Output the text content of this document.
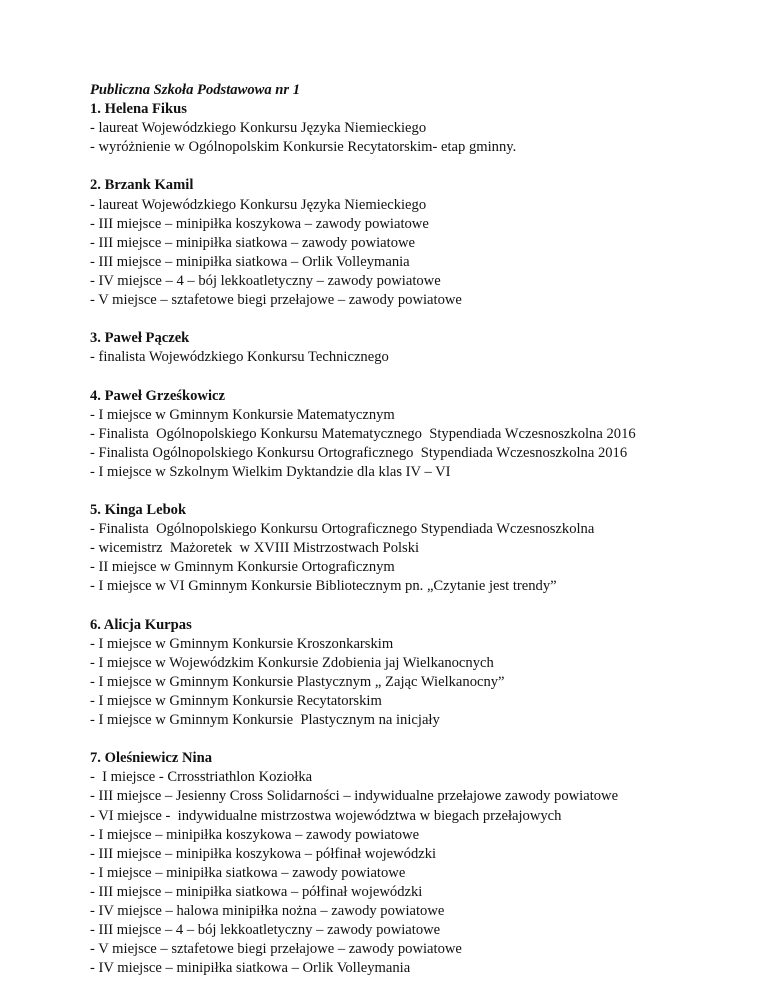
Publiczna Szkoła Podstawowa nr 1

1. Helena Fikus

- laureat Wojewódzkiego Konkursu Języka Niemieckiego
- wyróżnienie w Ogólnopolskim Konkursie Recytatorskim- etap gminny.

2. Brzank Kamil

- laureat Wojewódzkiego Konkursu Języka Niemieckiego
- III miejsce – minipiłka koszykowa – zawody powiatowe
- III miejsce – minipiłka siatkowa – zawody powiatowe
- III miejsce – minipiłka siatkowa – Orlik Volleymania
- IV miejsce – 4 – bój lekkoatletyczny – zawody powiatowe
- V miejsce – sztafetowe biegi przełajowe – zawody powiatowe

3. Paweł Pączek

- finalista Wojewódzkiego Konkursu Technicznego

4. Paweł Grześkowicz

- I miejsce w Gminnym Konkursie Matematycznym
- Finalista  Ogólnopolskiego Konkursu Matematycznego  Stypendiada Wczesnoszkolna 2016
- Finalista Ogólnopolskiego Konkursu Ortograficznego  Stypendiada Wczesnoszkolna 2016
- I miejsce w Szkolnym Wielkim Dyktandzie dla klas IV – VI

5. Kinga Lebok

- Finalista  Ogólnopolskiego Konkursu Ortograficznego Stypendiada Wczesnoszkolna
- wicemistrz  Mażoretek  w XVIII Mistrzostwach Polski
- II miejsce w Gminnym Konkursie Ortograficznym
- I miejsce w VI Gminnym Konkursie Bibliotecznym pn. „Czytanie jest trendy”

6. Alicja Kurpas

- I miejsce w Gminnym Konkursie Kroszonkarskim
- I miejsce w Wojewódzkim Konkursie Zdobienia jaj Wielkanocnych
- I miejsce w Gminnym Konkursie Plastycznym „ Zając Wielkanocny”
- I miejsce w Gminnym Konkursie Recytatorskim
- I miejsce w Gminnym Konkursie  Plastycznym na inicjały

7. Oleśniewicz Nina

-  I miejsce - Crrosstriathlon Koziołka
- III miejsce – Jesienny Cross Solidarności – indywidualne przełajowe zawody powiatowe
- VI miejsce -  indywidualne mistrzostwa województwa w biegach przełajowych
- I miejsce – minipiłka koszykowa – zawody powiatowe
- III miejsce – minipiłka koszykowa – półfinał wojewódzki
- I miejsce – minipiłka siatkowa – zawody powiatowe
- III miejsce – minipiłka siatkowa – półfinał wojewódzki
- IV miejsce – halowa minipiłka nożna – zawody powiatowe
- III miejsce – 4 – bój lekkoatletyczny – zawody powiatowe
- V miejsce – sztafetowe biegi przełajowe – zawody powiatowe
- IV miejsce – minipiłka siatkowa – Orlik Volleymania
